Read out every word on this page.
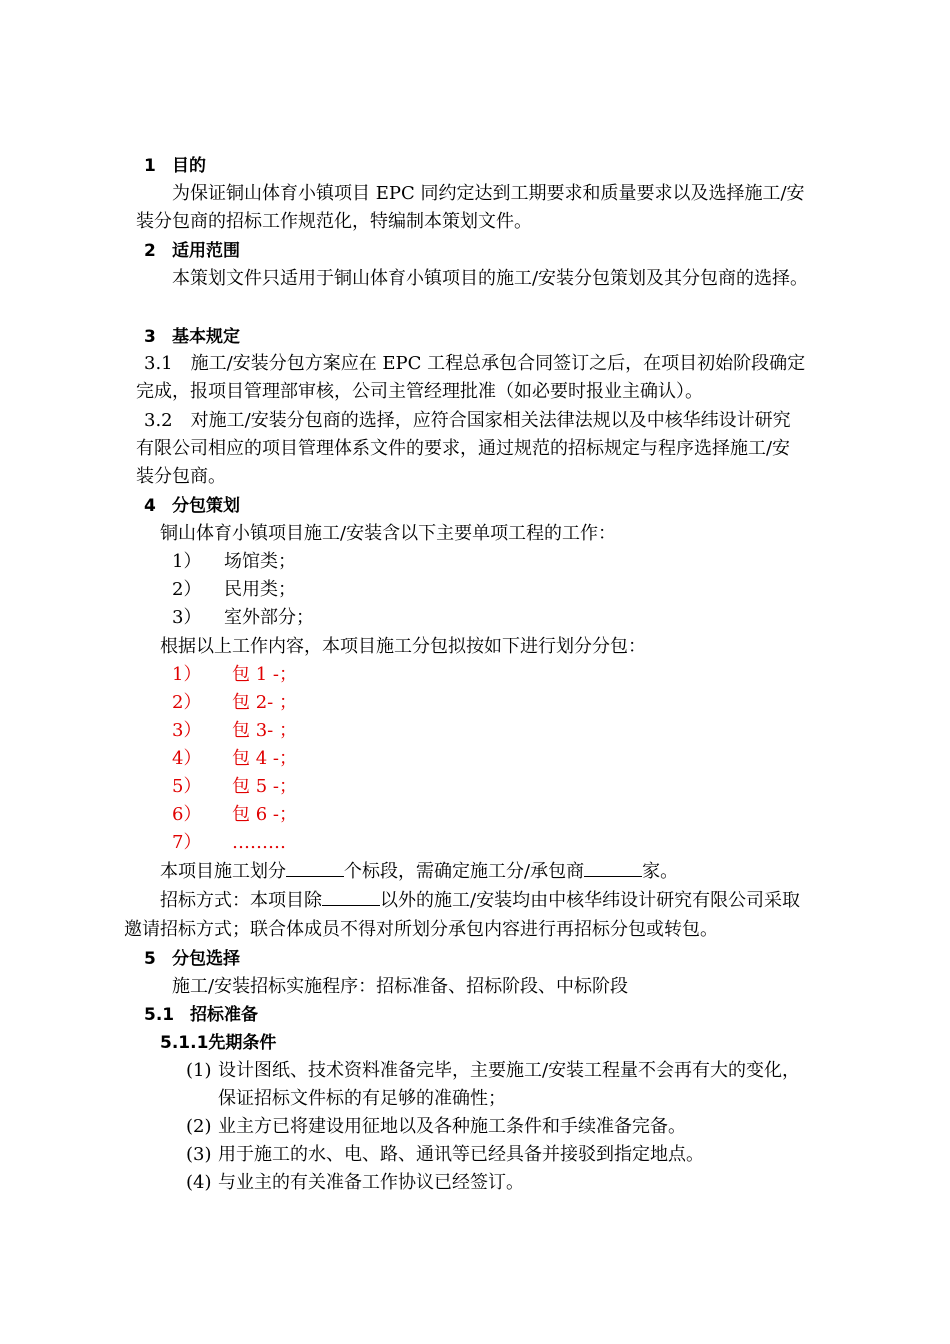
1 目的
为保证铜山体育小镇项目 EPC 同约定达到工期要求和质量要求以及选择施工/安
装分包商的招标工作规范化，特编制本策划文件。
2 适用范围
本策划文件只适用于铜山体育小镇项目的施工/安装分包策划及其分包商的选择。
3 基本规定
3.1　施工/安装分包方案应在 EPC 工程总承包合同签订之后，在项目初始阶段确定
完成，报项目管理部审核，公司主管经理批准（如必要时报业主确认）。
3.2　对施工/安装分包商的选择，应符合国家相关法律法规以及中核华纬设计研究
有限公司相应的项目管理体系文件的要求，通过规范的招标规定与程序选择施工/安
装分包商。
4 分包策划
铜山体育小镇项目施工/安装含以下主要单项工程的工作：
1） 场馆类；
2） 民用类；
3） 室外部分；
根据以上工作内容，本项目施工分包拟按如下进行划分分包：
1） 包 1 -；
2） 包 2- ；
3） 包 3- ；
4） 包 4 -；
5） 包 5 -；
6） 包 6 -；
7） ………
本项目施工划分	个标段，需确定施工分/承包商	家。
招标方式：本项目除	以外的施工/安装均由中核华纬设计研究有限公司采取
邀请招标方式；联合体成员不得对所划分承包内容进行再招标分包或转包。
5 分包选择
施工/安装招标实施程序：招标准备、招标阶段、中标阶段
5.1 招标准备
5.1.1先期条件
(1) 设计图纸、技术资料准备完毕，主要施工/安装工程量不会再有大的变化，
保证招标文件标的有足够的准确性；
(2) 业主方已将建设用征地以及各种施工条件和手续准备完备。
(3) 用于施工的水、电、路、通讯等已经具备并接驳到指定地点。
(4) 与业主的有关准备工作协议已经签订。
